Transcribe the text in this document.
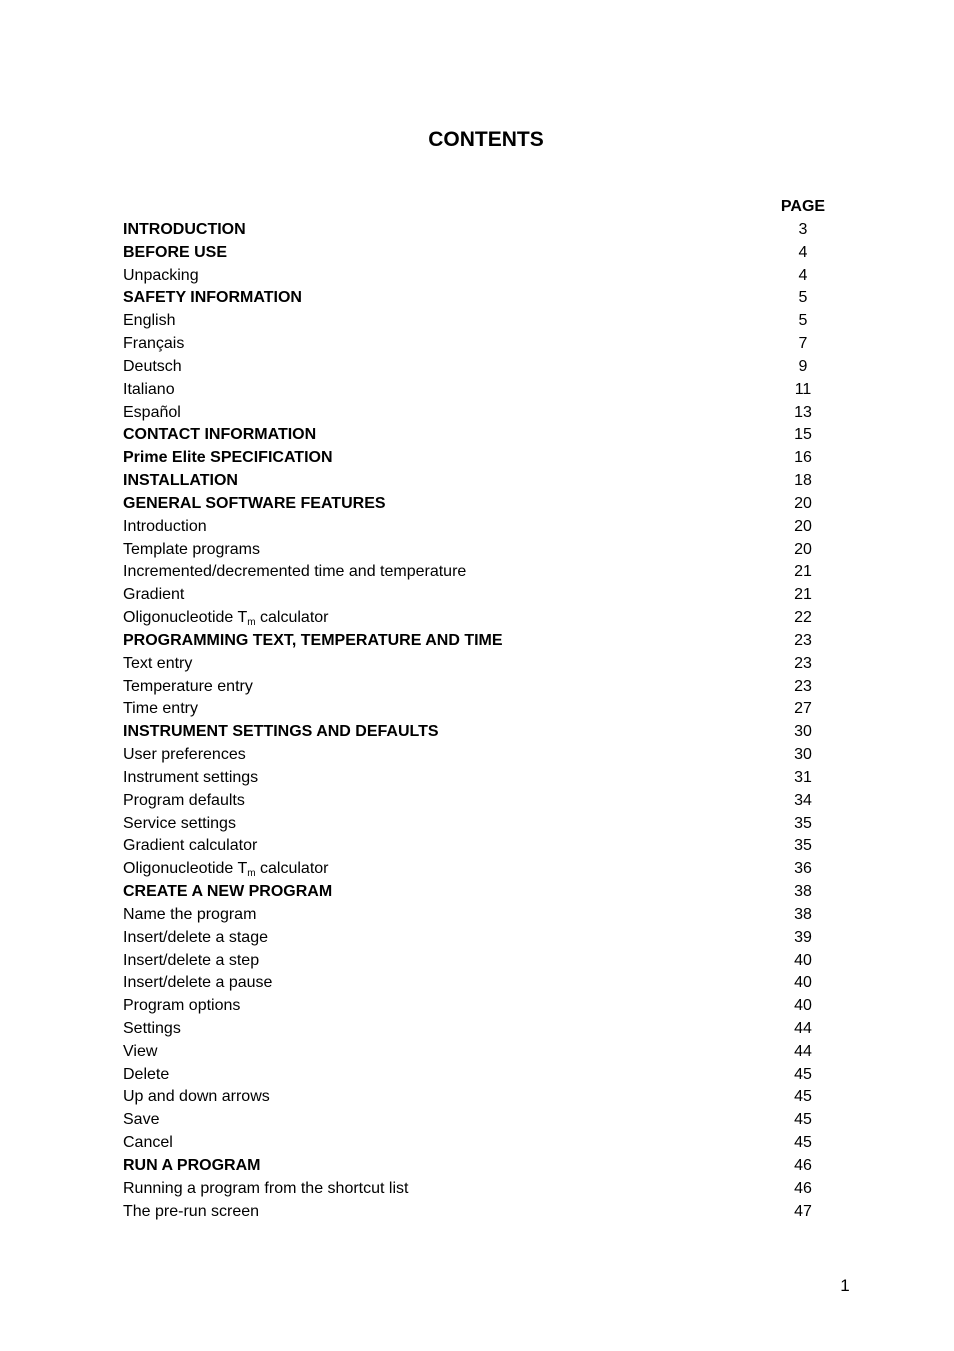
CONTENTS
PAGE
INTRODUCTION	3
BEFORE USE	4
Unpacking	4
SAFETY INFORMATION	5
English	5
Français	7
Deutsch	9
Italiano	11
Español	13
CONTACT INFORMATION	15
Prime Elite SPECIFICATION	16
INSTALLATION	18
GENERAL SOFTWARE FEATURES	20
Introduction	20
Template programs	20
Incremented/decremented time and temperature	21
Gradient	21
Oligonucleotide $T_m$ calculator	22
PROGRAMMING TEXT, TEMPERATURE AND TIME	23
Text entry	23
Temperature entry	23
Time entry	27
INSTRUMENT SETTINGS AND DEFAULTS	30
User preferences	30
Instrument settings	31
Program defaults	34
Service settings	35
Gradient calculator	35
Oligonucleotide $T_m$ calculator	36
CREATE A NEW PROGRAM	38
Name the program	38
Insert/delete a stage	39
Insert/delete a step	40
Insert/delete a pause	40
Program options	40
Settings	44
View	44
Delete	45
Up and down arrows	45
Save	45
Cancel	45
RUN A PROGRAM	46
Running a program from the shortcut list	46
The pre-run screen	47
1
